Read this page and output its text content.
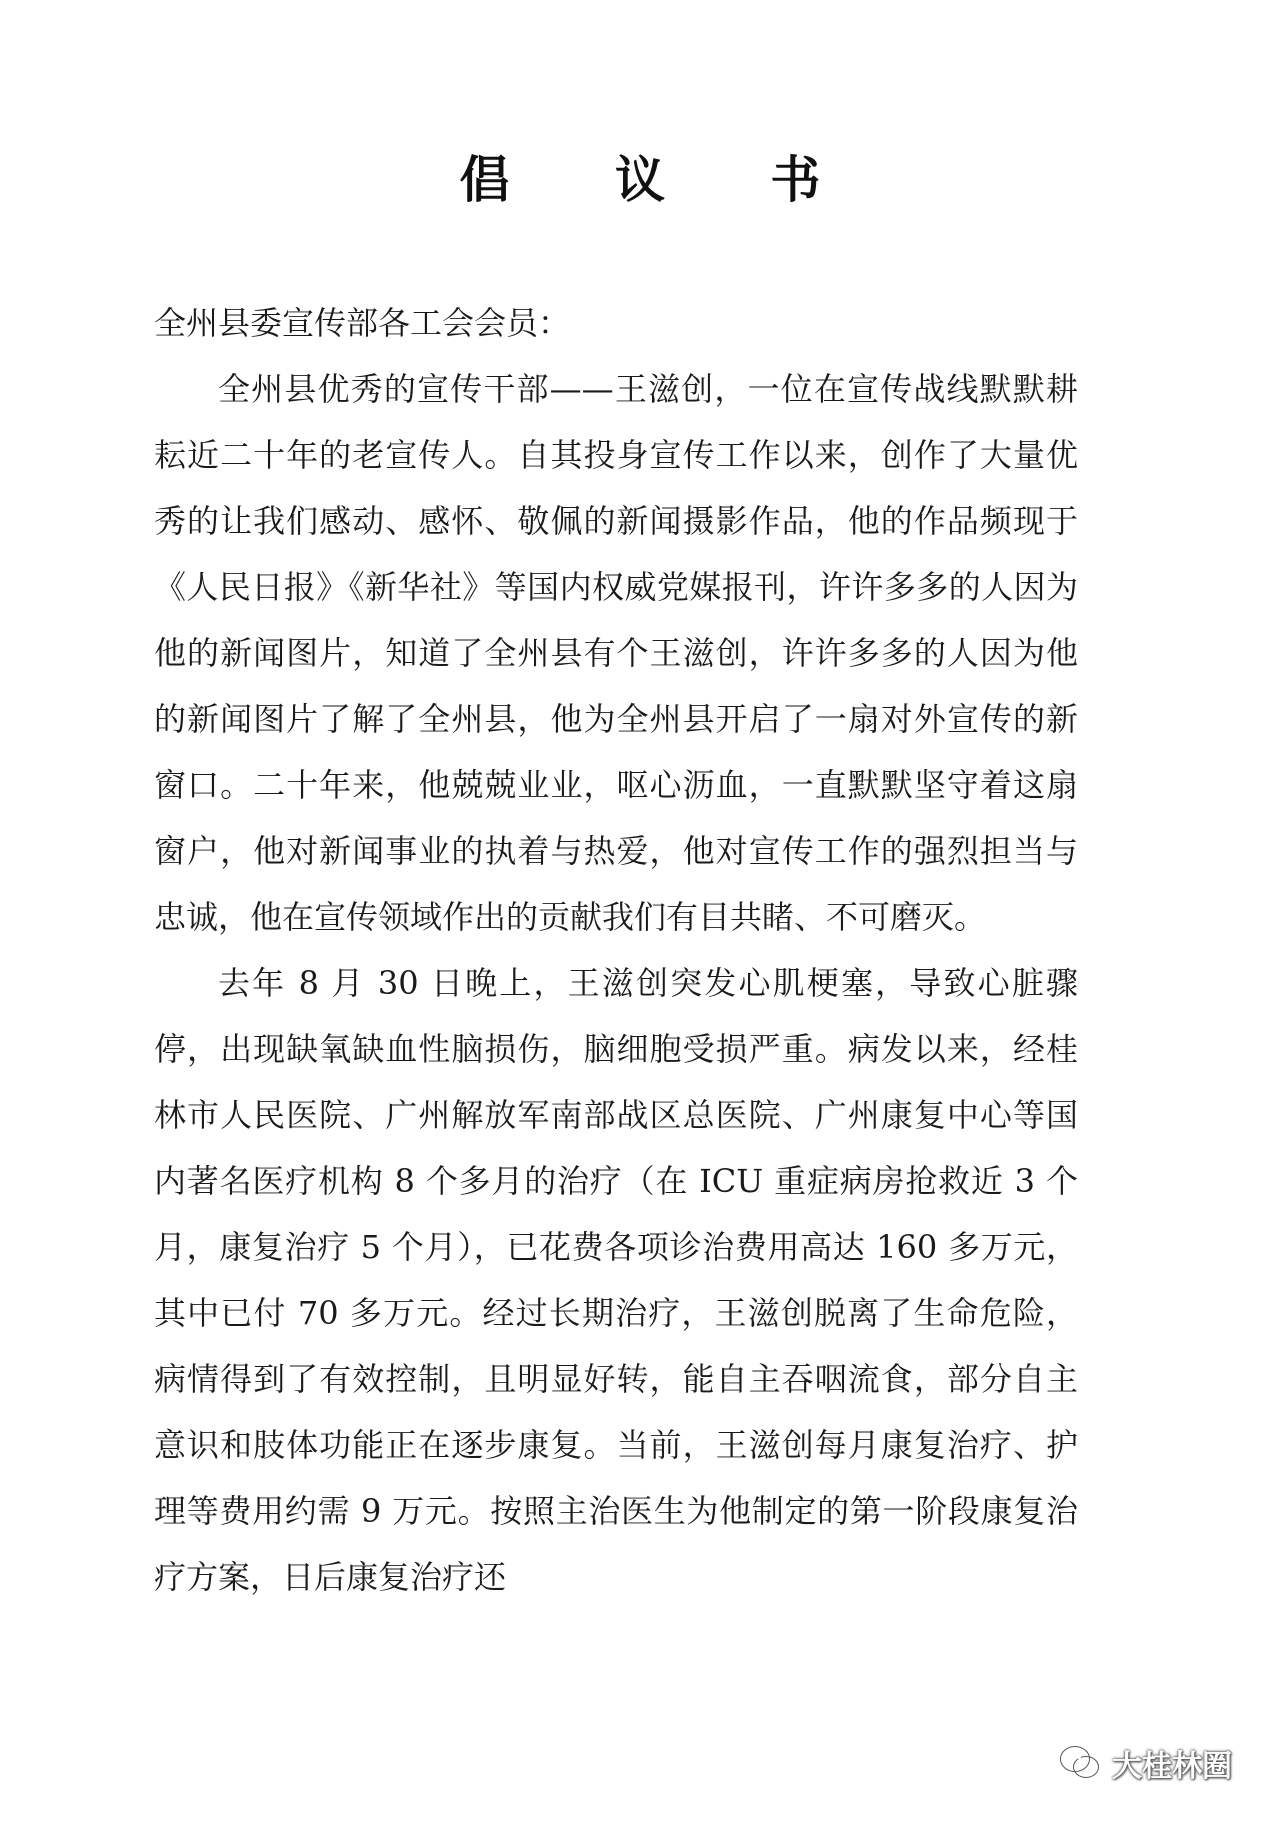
倡 议 书

全州县委宣传部各工会会员：

全州县优秀的宣传干部——王滋创，一位在宣传战线默默耕耘近二十年的老宣传人。自其投身宣传工作以来，创作了大量优秀的让我们感动、感怀、敬佩的新闻摄影作品，他的作品频现于《人民日报》《新华社》等国内权威党媒报刊，许许多多的人因为他的新闻图片，知道了全州县有个王滋创，许许多多的人因为他的新闻图片了解了全州县，他为全州县开启了一扇对外宣传的新窗口。二十年来，他兢兢业业，呕心沥血，一直默默坚守着这扇窗户，他对新闻事业的执着与热爱，他对宣传工作的强烈担当与忠诚，他在宣传领域作出的贡献我们有目共睹、不可磨灭。

去年 8 月 30 日晚上，王滋创突发心肌梗塞，导致心脏骤停，出现缺氧缺血性脑损伤，脑细胞受损严重。病发以来，经桂林市人民医院、广州解放军南部战区总医院、广州康复中心等国内著名医疗机构 8 个多月的治疗（在 ICU 重症病房抢救近 3 个月，康复治疗 5 个月），已花费各项诊治费用高达 160 多万元，其中已付 70 多万元。经过长期治疗，王滋创脱离了生命危险，病情得到了有效控制，且明显好转，能自主吞咽流食，部分自主意识和肢体功能正在逐步康复。当前，王滋创每月康复治疗、护理等费用约需 9 万元。按照主治医生为他制定的第一阶段康复治疗方案，日后康复治疗还

大桂林圈
